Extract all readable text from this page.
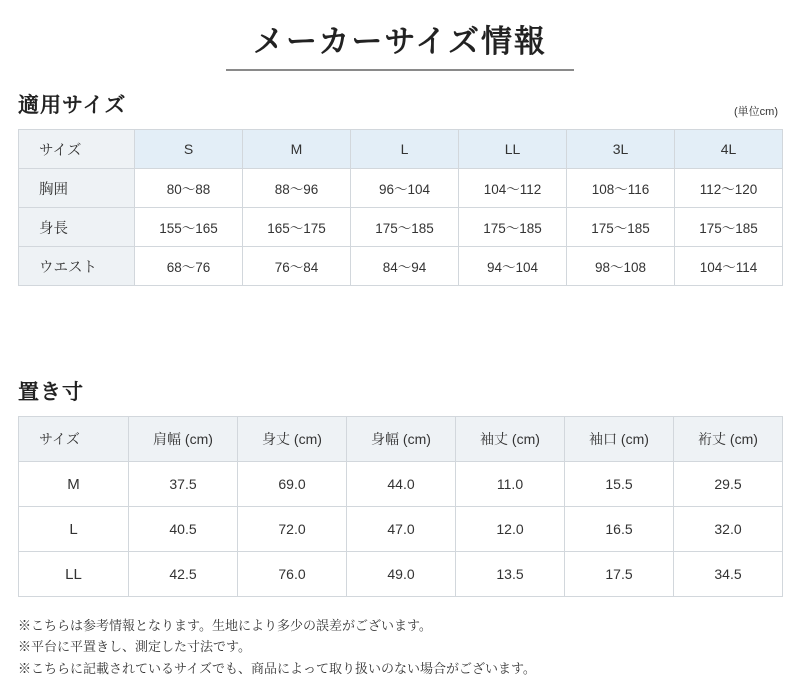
メーカーサイズ情報
適用サイズ	(単位cm)
サイズ	S	M	L	LL	3L	4L
胸囲	80〜88	88〜96	96〜104	104〜112	108〜116	112〜120
身長	155〜165	165〜175	175〜185	175〜185	175〜185	175〜185
ウエスト	68〜76	76〜84	84〜94	94〜104	98〜108	104〜114
置き寸
サイズ	肩幅 (cm)	身丈 (cm)	身幅 (cm)	袖丈 (cm)	袖口 (cm)	裄丈 (cm)
M	37.5	69.0	44.0	11.0	15.5	29.5
L	40.5	72.0	47.0	12.0	16.5	32.0
LL	42.5	76.0	49.0	13.5	17.5	34.5
※こちらは参考情報となります。生地により多少の誤差がございます。
※平台に平置きし、測定した寸法です。
※こちらに記載されているサイズでも、商品によって取り扱いのない場合がございます。
